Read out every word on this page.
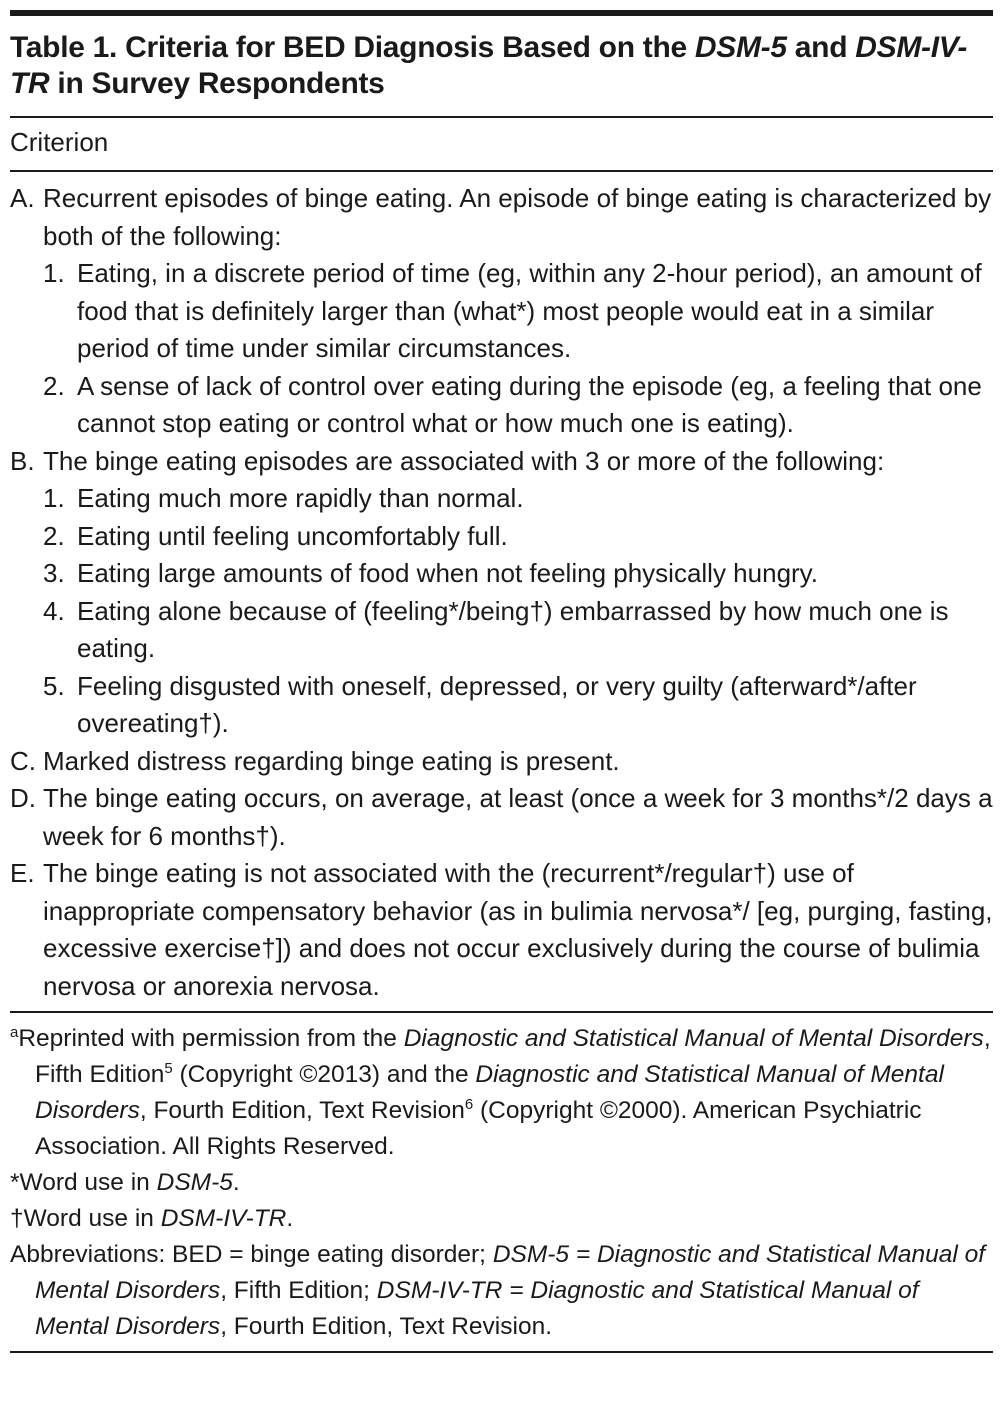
Table 1. Criteria for BED Diagnosis Based on the DSM-5 and DSM-IV-TR in Survey Respondents
Criterion
A. Recurrent episodes of binge eating. An episode of binge eating is characterized by both of the following:
1. Eating, in a discrete period of time (eg, within any 2-hour period), an amount of food that is definitely larger than (what*) most people would eat in a similar period of time under similar circumstances.
2. A sense of lack of control over eating during the episode (eg, a feeling that one cannot stop eating or control what or how much one is eating).
B. The binge eating episodes are associated with 3 or more of the following:
1. Eating much more rapidly than normal.
2. Eating until feeling uncomfortably full.
3. Eating large amounts of food when not feeling physically hungry.
4. Eating alone because of (feeling*/being†) embarrassed by how much one is eating.
5. Feeling disgusted with oneself, depressed, or very guilty (afterward*/after overeating†).
C. Marked distress regarding binge eating is present.
D. The binge eating occurs, on average, at least (once a week for 3 months*/2 days a week for 6 months†).
E. The binge eating is not associated with the (recurrent*/regular†) use of inappropriate compensatory behavior (as in bulimia nervosa*/ [eg, purging, fasting, excessive exercise†]) and does not occur exclusively during the course of bulimia nervosa or anorexia nervosa.
$^a$Reprinted with permission from the Diagnostic and Statistical Manual of Mental Disorders, Fifth Edition$^5$ (Copyright ©2013) and the Diagnostic and Statistical Manual of Mental Disorders, Fourth Edition, Text Revision$^6$ (Copyright ©2000). American Psychiatric Association. All Rights Reserved.
*Word use in DSM-5.
†Word use in DSM-IV-TR.
Abbreviations: BED = binge eating disorder; DSM-5 = Diagnostic and Statistical Manual of Mental Disorders, Fifth Edition; DSM-IV-TR = Diagnostic and Statistical Manual of Mental Disorders, Fourth Edition, Text Revision.
